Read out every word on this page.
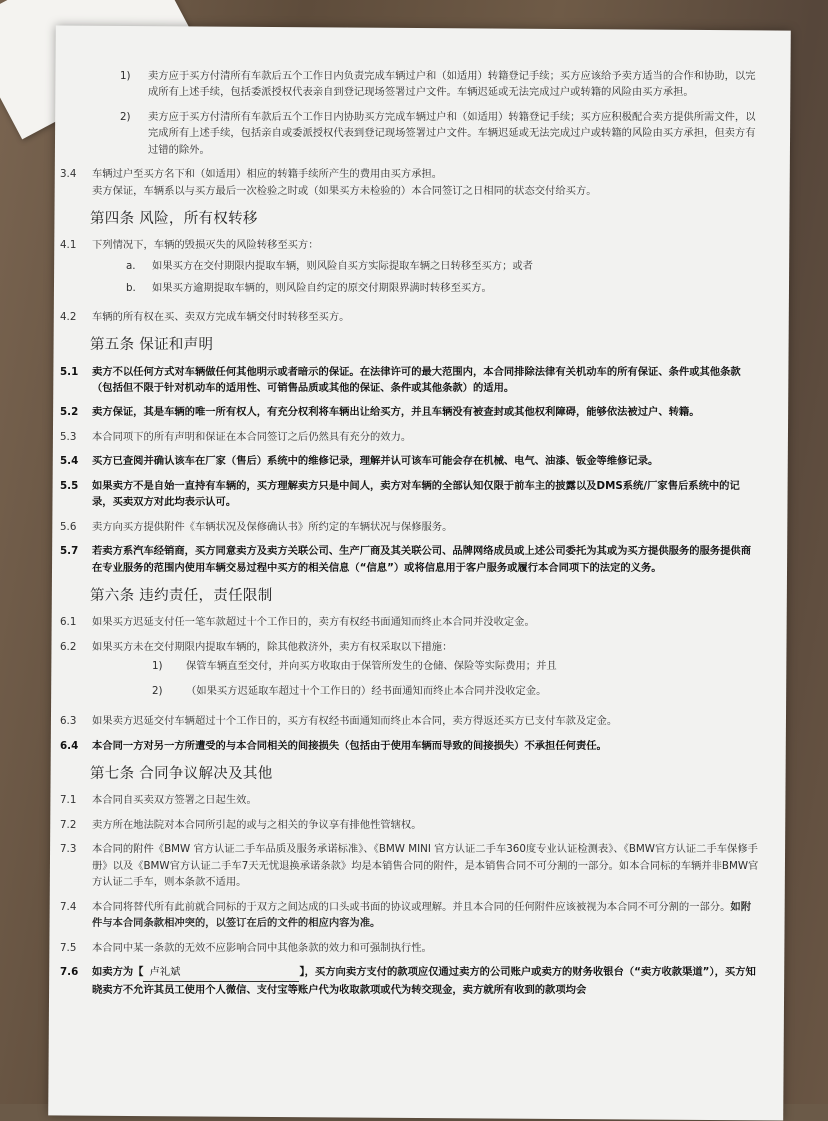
1)	卖方应于买方付清所有车款后五个工作日内负责完成车辆过户和（如适用）转籍登记手续；买方应该给予卖方适当的合作和协助，以完成所有上述手续，包括委派授权代表亲自到登记现场签署过户文件。车辆迟延或无法完成过户或转籍的风险由买方承担。
2)	卖方应于买方付清所有车款后五个工作日内协助买方完成车辆过户和（如适用）转籍登记手续；买方应积极配合卖方提供所需文件，以完成所有上述手续，包括亲自或委派授权代表到登记现场签署过户文件。车辆迟延或无法完成过户或转籍的风险由买方承担，但卖方有过错的除外。
3.4	车辆过户至买方名下和（如适用）相应的转籍手续所产生的费用由买方承担。
卖方保证，车辆系以与买方最后一次检验之时或（如果买方未检验的）本合同签订之日相同的状态交付给买方。
第四条 风险，所有权转移
4.1	下列情况下，车辆的毁损灭失的风险转移至买方：
a.	如果买方在交付期限内提取车辆，则风险自买方实际提取车辆之日转移至买方；或者
b.	如果买方逾期提取车辆的，则风险自约定的原交付期限界满时转移至买方。
4.2	车辆的所有权在买、卖双方完成车辆交付时转移至买方。
第五条 保证和声明
5.1	卖方不以任何方式对车辆做任何其他明示或者暗示的保证。在法律许可的最大范围内，本合同排除法律有关机动车的所有保证、条件或其他条款（包括但不限于针对机动车的适用性、可销售品质或其他的保证、条件或其他条款）的适用。
5.2	卖方保证，其是车辆的唯一所有权人，有充分权利将车辆出让给买方，并且车辆没有被查封或其他权利障碍，能够依法被过户、转籍。
5.3	本合同项下的所有声明和保证在本合同签订之后仍然具有充分的效力。
5.4	买方已查阅并确认该车在厂家（售后）系统中的维修记录，理解并认可该车可能会存在机械、电气、油漆、钣金等维修记录。
5.5	如果卖方不是自始一直持有车辆的，买方理解卖方只是中间人，卖方对车辆的全部认知仅限于前车主的披露以及DMS系统/厂家售后系统中的记录，买卖双方对此均表示认可。
5.6	卖方向买方提供附件《车辆状况及保修确认书》所约定的车辆状况与保修服务。
5.7	若卖方系汽车经销商，买方同意卖方及卖方关联公司、生产厂商及其关联公司、品牌网络成员或上述公司委托为其或为买方提供服务的服务提供商在专业服务的范围内使用车辆交易过程中买方的相关信息（“信息”）或将信息用于客户服务或履行本合同项下的法定的义务。
第六条 违约责任，责任限制
6.1	如果买方迟延支付任一笔车款超过十个工作日的，卖方有权经书面通知而终止本合同并没收定金。
6.2	如果买方未在交付期限内提取车辆的，除其他救济外，卖方有权采取以下措施：
1)	保管车辆直至交付，并向买方收取由于保管所发生的仓储、保险等实际费用；并且
2)	（如果买方迟延取车超过十个工作日的）经书面通知而终止本合同并没收定金。
6.3	如果卖方迟延交付车辆超过十个工作日的，买方有权经书面通知而终止本合同，卖方得返还买方已支付车款及定金。
6.4	本合同一方对另一方所遭受的与本合同相关的间接损失（包括由于使用车辆而导致的间接损失）不承担任何责任。
第七条 合同争议解决及其他
7.1	本合同自买卖双方签署之日起生效。
7.2	卖方所在地法院对本合同所引起的或与之相关的争议享有排他性管辖权。
7.3	本合同的附件《BMW 官方认证二手车品质及服务承诺标准》、《BMW MINI 官方认证二手车360度专业认证检测表》、《BMW官方认证二手车保修手册》以及《BMW官方认证二手车7天无忧退换承诺条款》均是本销售合同的附件，是本销售合同不可分割的一部分。如本合同标的车辆并非BMW官方认证二手车，则本条款不适用。
7.4	本合同将替代所有此前就合同标的于双方之间达成的口头或书面的协议或理解。并且本合同的任何附件应该被视为本合同不可分割的一部分。如附件与本合同条款相冲突的，以签订在后的文件的相应内容为准。
7.5	本合同中某一条款的无效不应影响合同中其他条款的效力和可强制执行性。
7.6	如卖方为【 卢礼斌	】，买方向卖方支付的款项应仅通过卖方的公司账户或卖方的财务收银台（“卖方收款渠道”），买方知晓卖方不允许其员工使用个人微信、支付宝等账户代为收取款项或代为转交现金，卖方就所有收到的款项均会
